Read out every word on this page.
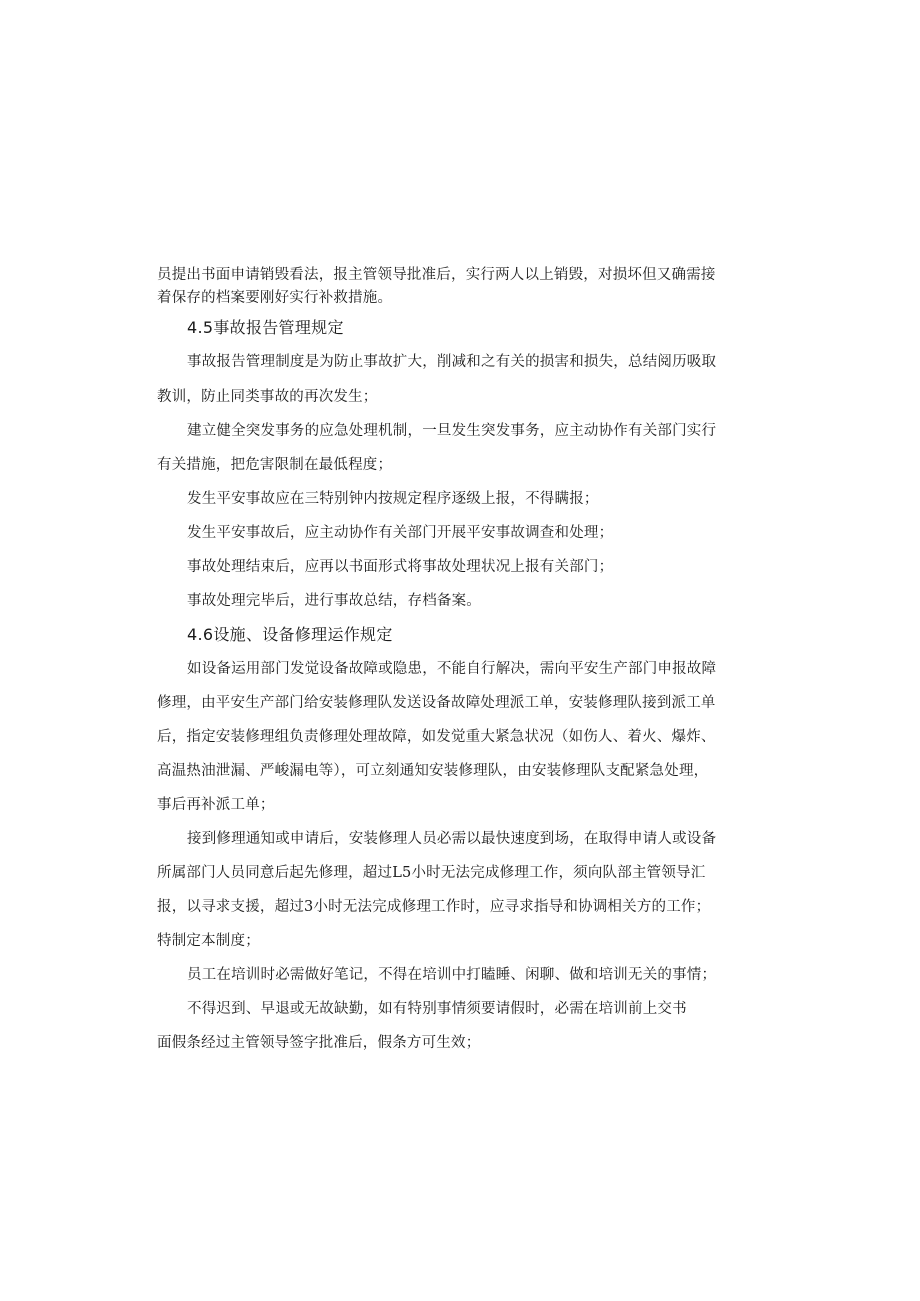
员提出书面申请销毁看法，报主管领导批准后，实行两人以上销毁，对损坏但又确需接
着保存的档案要刚好实行补救措施。
4.5事故报告管理规定
事故报告管理制度是为防止事故扩大，削减和之有关的损害和损失，总结阅历吸取
教训，防止同类事故的再次发生；
建立健全突发事务的应急处理机制，一旦发生突发事务，应主动协作有关部门实行
有关措施，把危害限制在最低程度；
发生平安事故应在三特别钟内按规定程序逐级上报，不得瞒报；
发生平安事故后，应主动协作有关部门开展平安事故调查和处理；
事故处理结束后，应再以书面形式将事故处理状况上报有关部门；
事故处理完毕后，进行事故总结，存档备案。
4.6设施、设备修理运作规定
如设备运用部门发觉设备故障或隐患，不能自行解决，需向平安生产部门申报故障
修理，由平安生产部门给安装修理队发送设备故障处理派工单，安装修理队接到派工单
后，指定安装修理组负责修理处理故障，如发觉重大紧急状况（如伤人、着火、爆炸、
高温热油泄漏、严峻漏电等），可立刻通知安装修理队，由安装修理队支配紧急处理，
事后再补派工单；
接到修理通知或申请后，安装修理人员必需以最快速度到场，在取得申请人或设备
所属部门人员同意后起先修理，超过L5小时无法完成修理工作，须向队部主管领导汇
报，以寻求支援，超过3小时无法完成修理工作时，应寻求指导和协调相关方的工作；
特制定本制度；
员工在培训时必需做好笔记，不得在培训中打瞌睡、闲聊、做和培训无关的事情；
不得迟到、早退或无故缺勤，如有特别事情须要请假时，必需在培训前上交书
面假条经过主管领导签字批准后，假条方可生效；
